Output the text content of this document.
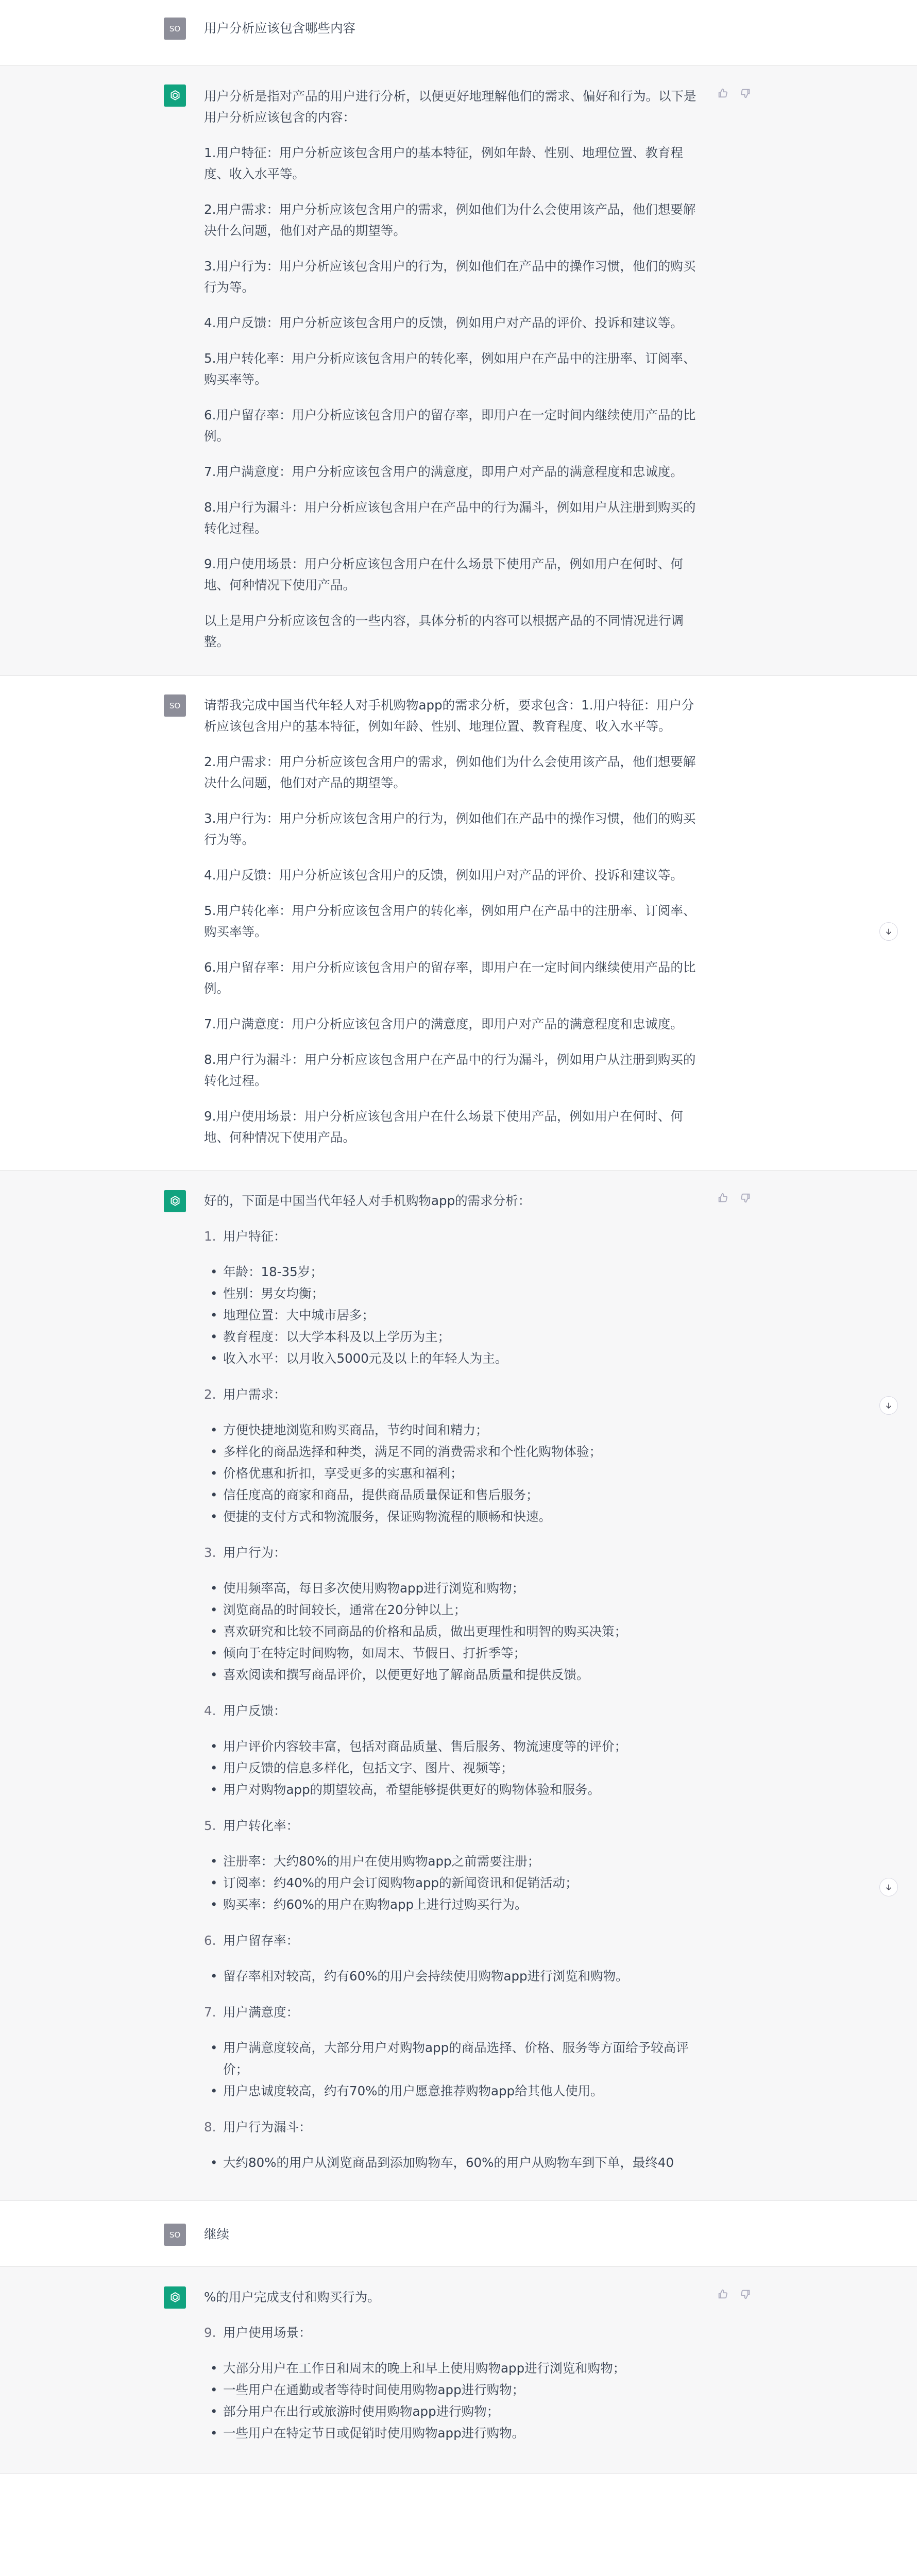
SO 用户分析应该包含哪些内容

用户分析是指对产品的用户进行分析，以便更好地理解他们的需求、偏好和行为。以下是用户分析应该包含的内容：

1.用户特征：用户分析应该包含用户的基本特征，例如年龄、性别、地理位置、教育程度、收入水平等。

2.用户需求：用户分析应该包含用户的需求，例如他们为什么会使用该产品，他们想要解决什么问题，他们对产品的期望等。

3.用户行为：用户分析应该包含用户的行为，例如他们在产品中的操作习惯，他们的购买行为等。

4.用户反馈：用户分析应该包含用户的反馈，例如用户对产品的评价、投诉和建议等。

5.用户转化率：用户分析应该包含用户的转化率，例如用户在产品中的注册率、订阅率、购买率等。

6.用户留存率：用户分析应该包含用户的留存率，即用户在一定时间内继续使用产品的比例。

7.用户满意度：用户分析应该包含用户的满意度，即用户对产品的满意程度和忠诚度。

8.用户行为漏斗：用户分析应该包含用户在产品中的行为漏斗，例如用户从注册到购买的转化过程。

9.用户使用场景：用户分析应该包含用户在什么场景下使用产品，例如用户在何时、何地、何种情况下使用产品。

以上是用户分析应该包含的一些内容，具体分析的内容可以根据产品的不同情况进行调整。

SO 请帮我完成中国当代年轻人对手机购物app的需求分析，要求包含：1.用户特征：用户分析应该包含用户的基本特征，例如年龄、性别、地理位置、教育程度、收入水平等。

2.用户需求：用户分析应该包含用户的需求，例如他们为什么会使用该产品，他们想要解决什么问题，他们对产品的期望等。

3.用户行为：用户分析应该包含用户的行为，例如他们在产品中的操作习惯，他们的购买行为等。

4.用户反馈：用户分析应该包含用户的反馈，例如用户对产品的评价、投诉和建议等。

5.用户转化率：用户分析应该包含用户的转化率，例如用户在产品中的注册率、订阅率、购买率等。

6.用户留存率：用户分析应该包含用户的留存率，即用户在一定时间内继续使用产品的比例。

7.用户满意度：用户分析应该包含用户的满意度，即用户对产品的满意程度和忠诚度。

8.用户行为漏斗：用户分析应该包含用户在产品中的行为漏斗，例如用户从注册到购买的转化过程。

9.用户使用场景：用户分析应该包含用户在什么场景下使用产品，例如用户在何时、何地、何种情况下使用产品。

好的，下面是中国当代年轻人对手机购物app的需求分析：

1. 用户特征：
• 年龄：18-35岁；
• 性别：男女均衡；
• 地理位置：大中城市居多；
• 教育程度：以大学本科及以上学历为主；
• 收入水平：以月收入5000元及以上的年轻人为主。
2. 用户需求：
• 方便快捷地浏览和购买商品，节约时间和精力；
• 多样化的商品选择和种类，满足不同的消费需求和个性化购物体验；
• 价格优惠和折扣，享受更多的实惠和福利；
• 信任度高的商家和商品，提供商品质量保证和售后服务；
• 便捷的支付方式和物流服务，保证购物流程的顺畅和快速。
3. 用户行为：
• 使用频率高，每日多次使用购物app进行浏览和购物；
• 浏览商品的时间较长，通常在20分钟以上；
• 喜欢研究和比较不同商品的价格和品质，做出更理性和明智的购买决策；
• 倾向于在特定时间购物，如周末、节假日、打折季等；
• 喜欢阅读和撰写商品评价，以便更好地了解商品质量和提供反馈。
4. 用户反馈：
• 用户评价内容较丰富，包括对商品质量、售后服务、物流速度等的评价；
• 用户反馈的信息多样化，包括文字、图片、视频等；
• 用户对购物app的期望较高，希望能够提供更好的购物体验和服务。
5. 用户转化率：
• 注册率：大约80%的用户在使用购物app之前需要注册；
• 订阅率：约40%的用户会订阅购物app的新闻资讯和促销活动；
• 购买率：约60%的用户在购物app上进行过购买行为。
6. 用户留存率：
• 留存率相对较高，约有60%的用户会持续使用购物app进行浏览和购物。
7. 用户满意度：
• 用户满意度较高，大部分用户对购物app的商品选择、价格、服务等方面给予较高评价；
• 用户忠诚度较高，约有70%的用户愿意推荐购物app给其他人使用。
8. 用户行为漏斗：
• 大约80%的用户从浏览商品到添加购物车，60%的用户从购物车到下单，最终40
SO 继续

%的用户完成支付和购买行为。

9. 用户使用场景：
• 大部分用户在工作日和周末的晚上和早上使用购物app进行浏览和购物；
• 一些用户在通勤或者等待时间使用购物app进行购物；
• 部分用户在出行或旅游时使用购物app进行购物；
• 一些用户在特定节日或促销时使用购物app进行购物。
